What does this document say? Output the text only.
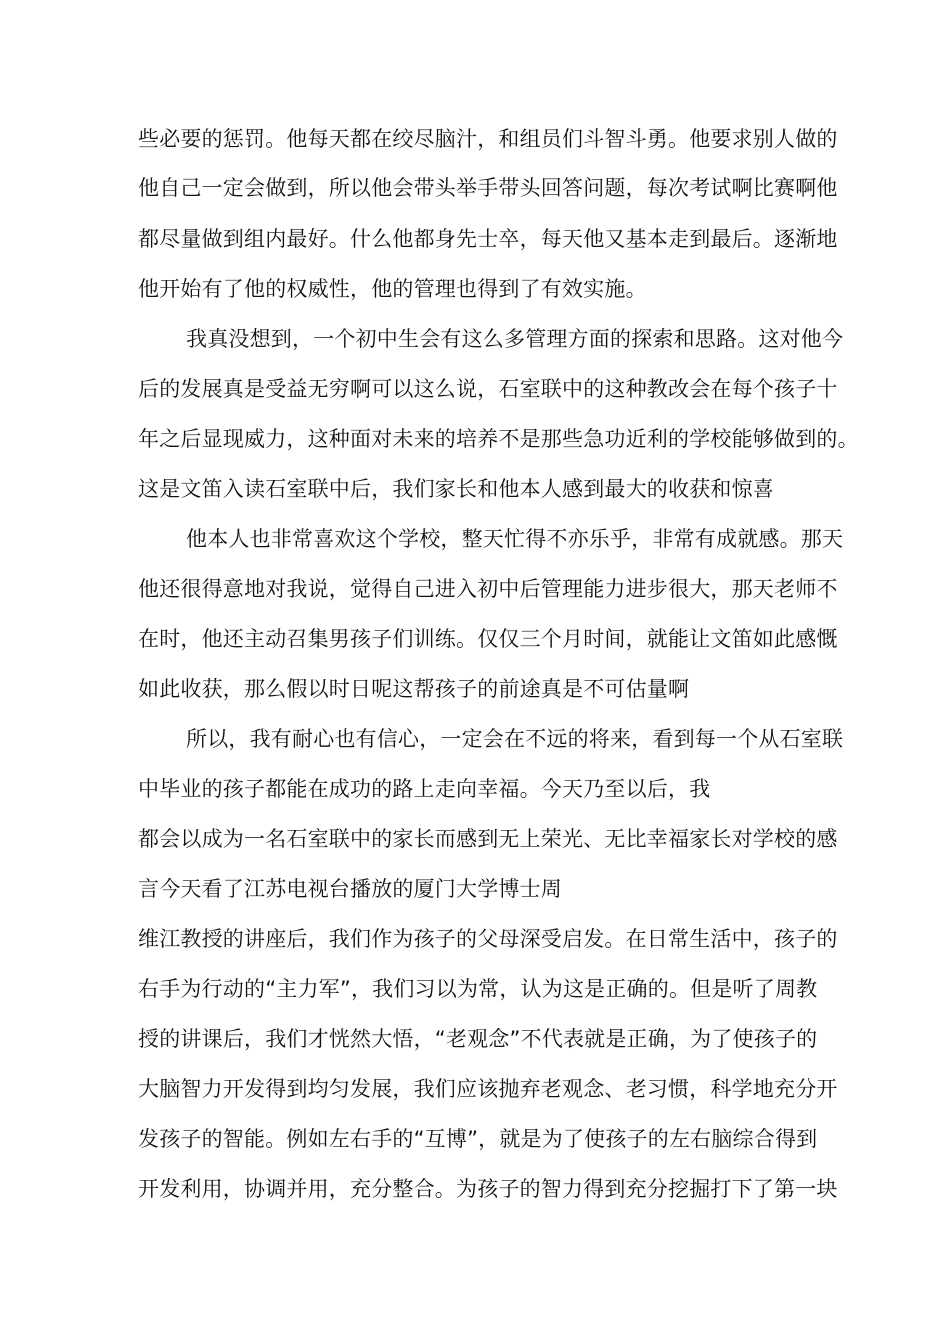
些必要的惩罚。他每天都在绞尽脑汁，和组员们斗智斗勇。他要求别人做的
他自己一定会做到，所以他会带头举手带头回答问题，每次考试啊比赛啊他
都尽量做到组内最好。什么他都身先士卒，每天他又基本走到最后。逐渐地
他开始有了他的权威性，他的管理也得到了有效实施。
我真没想到，一个初中生会有这么多管理方面的探索和思路。这对他今
后的发展真是受益无穷啊可以这么说，石室联中的这种教改会在每个孩子十
年之后显现威力，这种面对未来的培养不是那些急功近利的学校能够做到的。
这是文笛入读石室联中后，我们家长和他本人感到最大的收获和惊喜
他本人也非常喜欢这个学校，整天忙得不亦乐乎，非常有成就感。那天
他还很得意地对我说，觉得自己进入初中后管理能力进步很大，那天老师不
在时，他还主动召集男孩子们训练。仅仅三个月时间，就能让文笛如此感慨
如此收获，那么假以时日呢这帮孩子的前途真是不可估量啊
所以，我有耐心也有信心，一定会在不远的将来，看到每一个从石室联
中毕业的孩子都能在成功的路上走向幸福。今天乃至以后，我
都会以成为一名石室联中的家长而感到无上荣光、无比幸福家长对学校的感
言今天看了江苏电视台播放的厦门大学博士周
维江教授的讲座后，我们作为孩子的父母深受启发。在日常生活中，孩子的
右手为行动的“主力军”，我们习以为常，认为这是正确的。但是听了周教
授的讲课后，我们才恍然大悟，“老观念”不代表就是正确，为了使孩子的
大脑智力开发得到均匀发展，我们应该抛弃老观念、老习惯，科学地充分开
发孩子的智能。例如左右手的“互博”，就是为了使孩子的左右脑综合得到
开发利用，协调并用，充分整合。为孩子的智力得到充分挖掘打下了第一块
